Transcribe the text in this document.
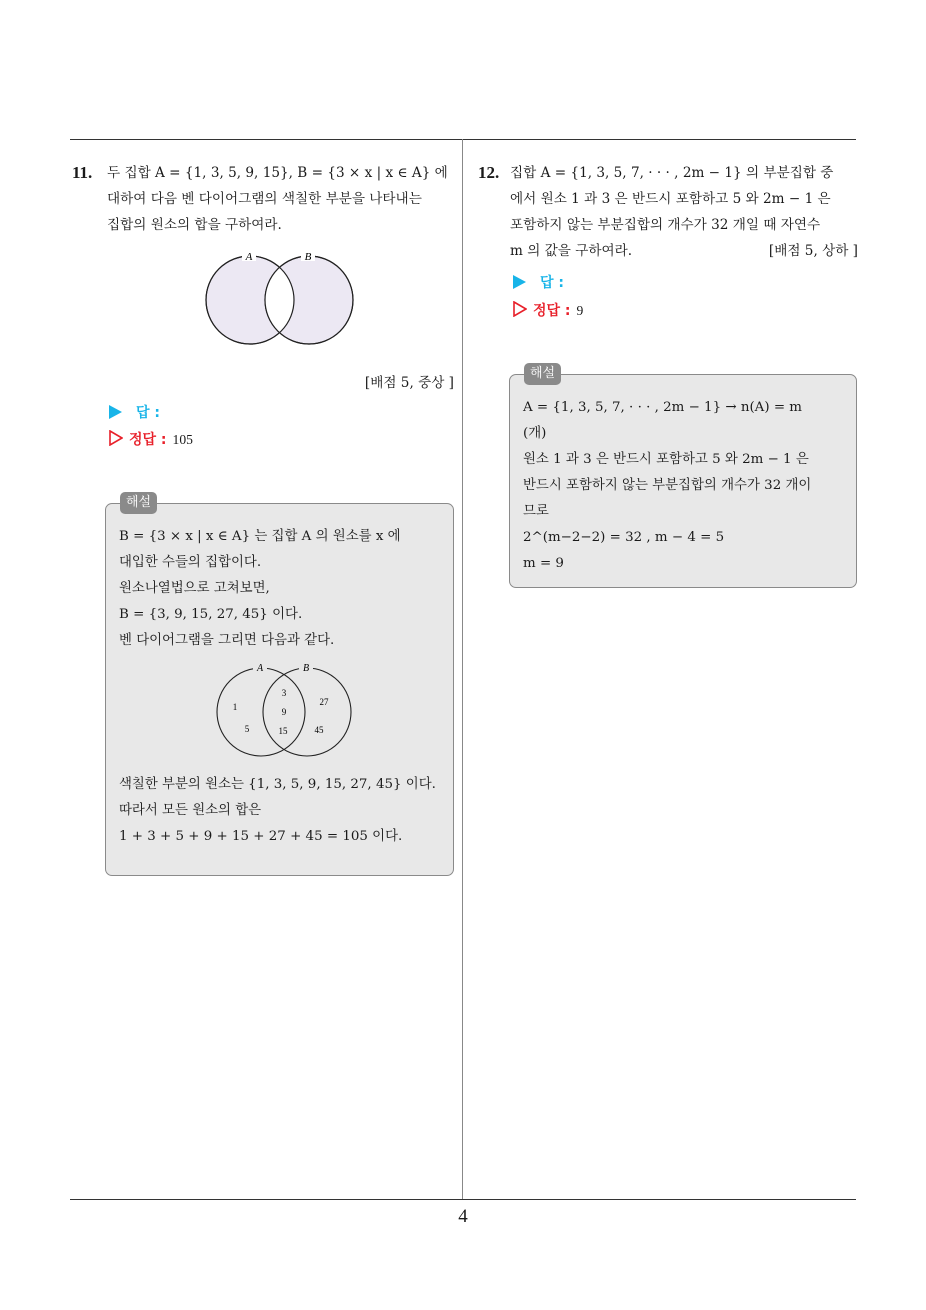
4
11. 두 집합 A = {1, 3, 5, 9, 15}, B = {3 × x | x ∈ A} 에
대하여 다음 벤 다이어그램의 색칠한 부분을 나타내는
집합의 원소의 합을 구하여라.
A	B
[배점 5, 중상 ]
답 :
정답 : 105
해설
B = {3 × x | x ∈ A} 는 집합 A 의 원소를 x 에
대입한 수들의 집합이다.
원소나열법으로 고쳐보면,
B = {3, 9, 15, 27, 45} 이다.
벤 다이어그램을 그리면 다음과 같다.
A	B
1
5
3
9
15
27
45
색칠한 부분의 원소는 {1, 3, 5, 9, 15, 27, 45} 이다.
따라서 모든 원소의 합은
1 + 3 + 5 + 9 + 15 + 27 + 45 = 105 이다.
12. 집합 A = {1, 3, 5, 7, · · · , 2m − 1} 의 부분집합 중
에서 원소 1 과 3 은 반드시 포함하고 5 와 2m − 1 은
포함하지 않는 부분집합의 개수가 32 개일 때 자연수
m 의 값을 구하여라.	[배점 5, 상하 ]
답 :
정답 : 9
해설
A = {1, 3, 5, 7, · · · , 2m − 1} → n(A) = m
(개)
원소 1 과 3 은 반드시 포함하고 5 와 2m − 1 은
반드시 포함하지 않는 부분집합의 개수가 32 개이
므로
2^(m−2−2) = 32 , m − 4 = 5
m = 9
